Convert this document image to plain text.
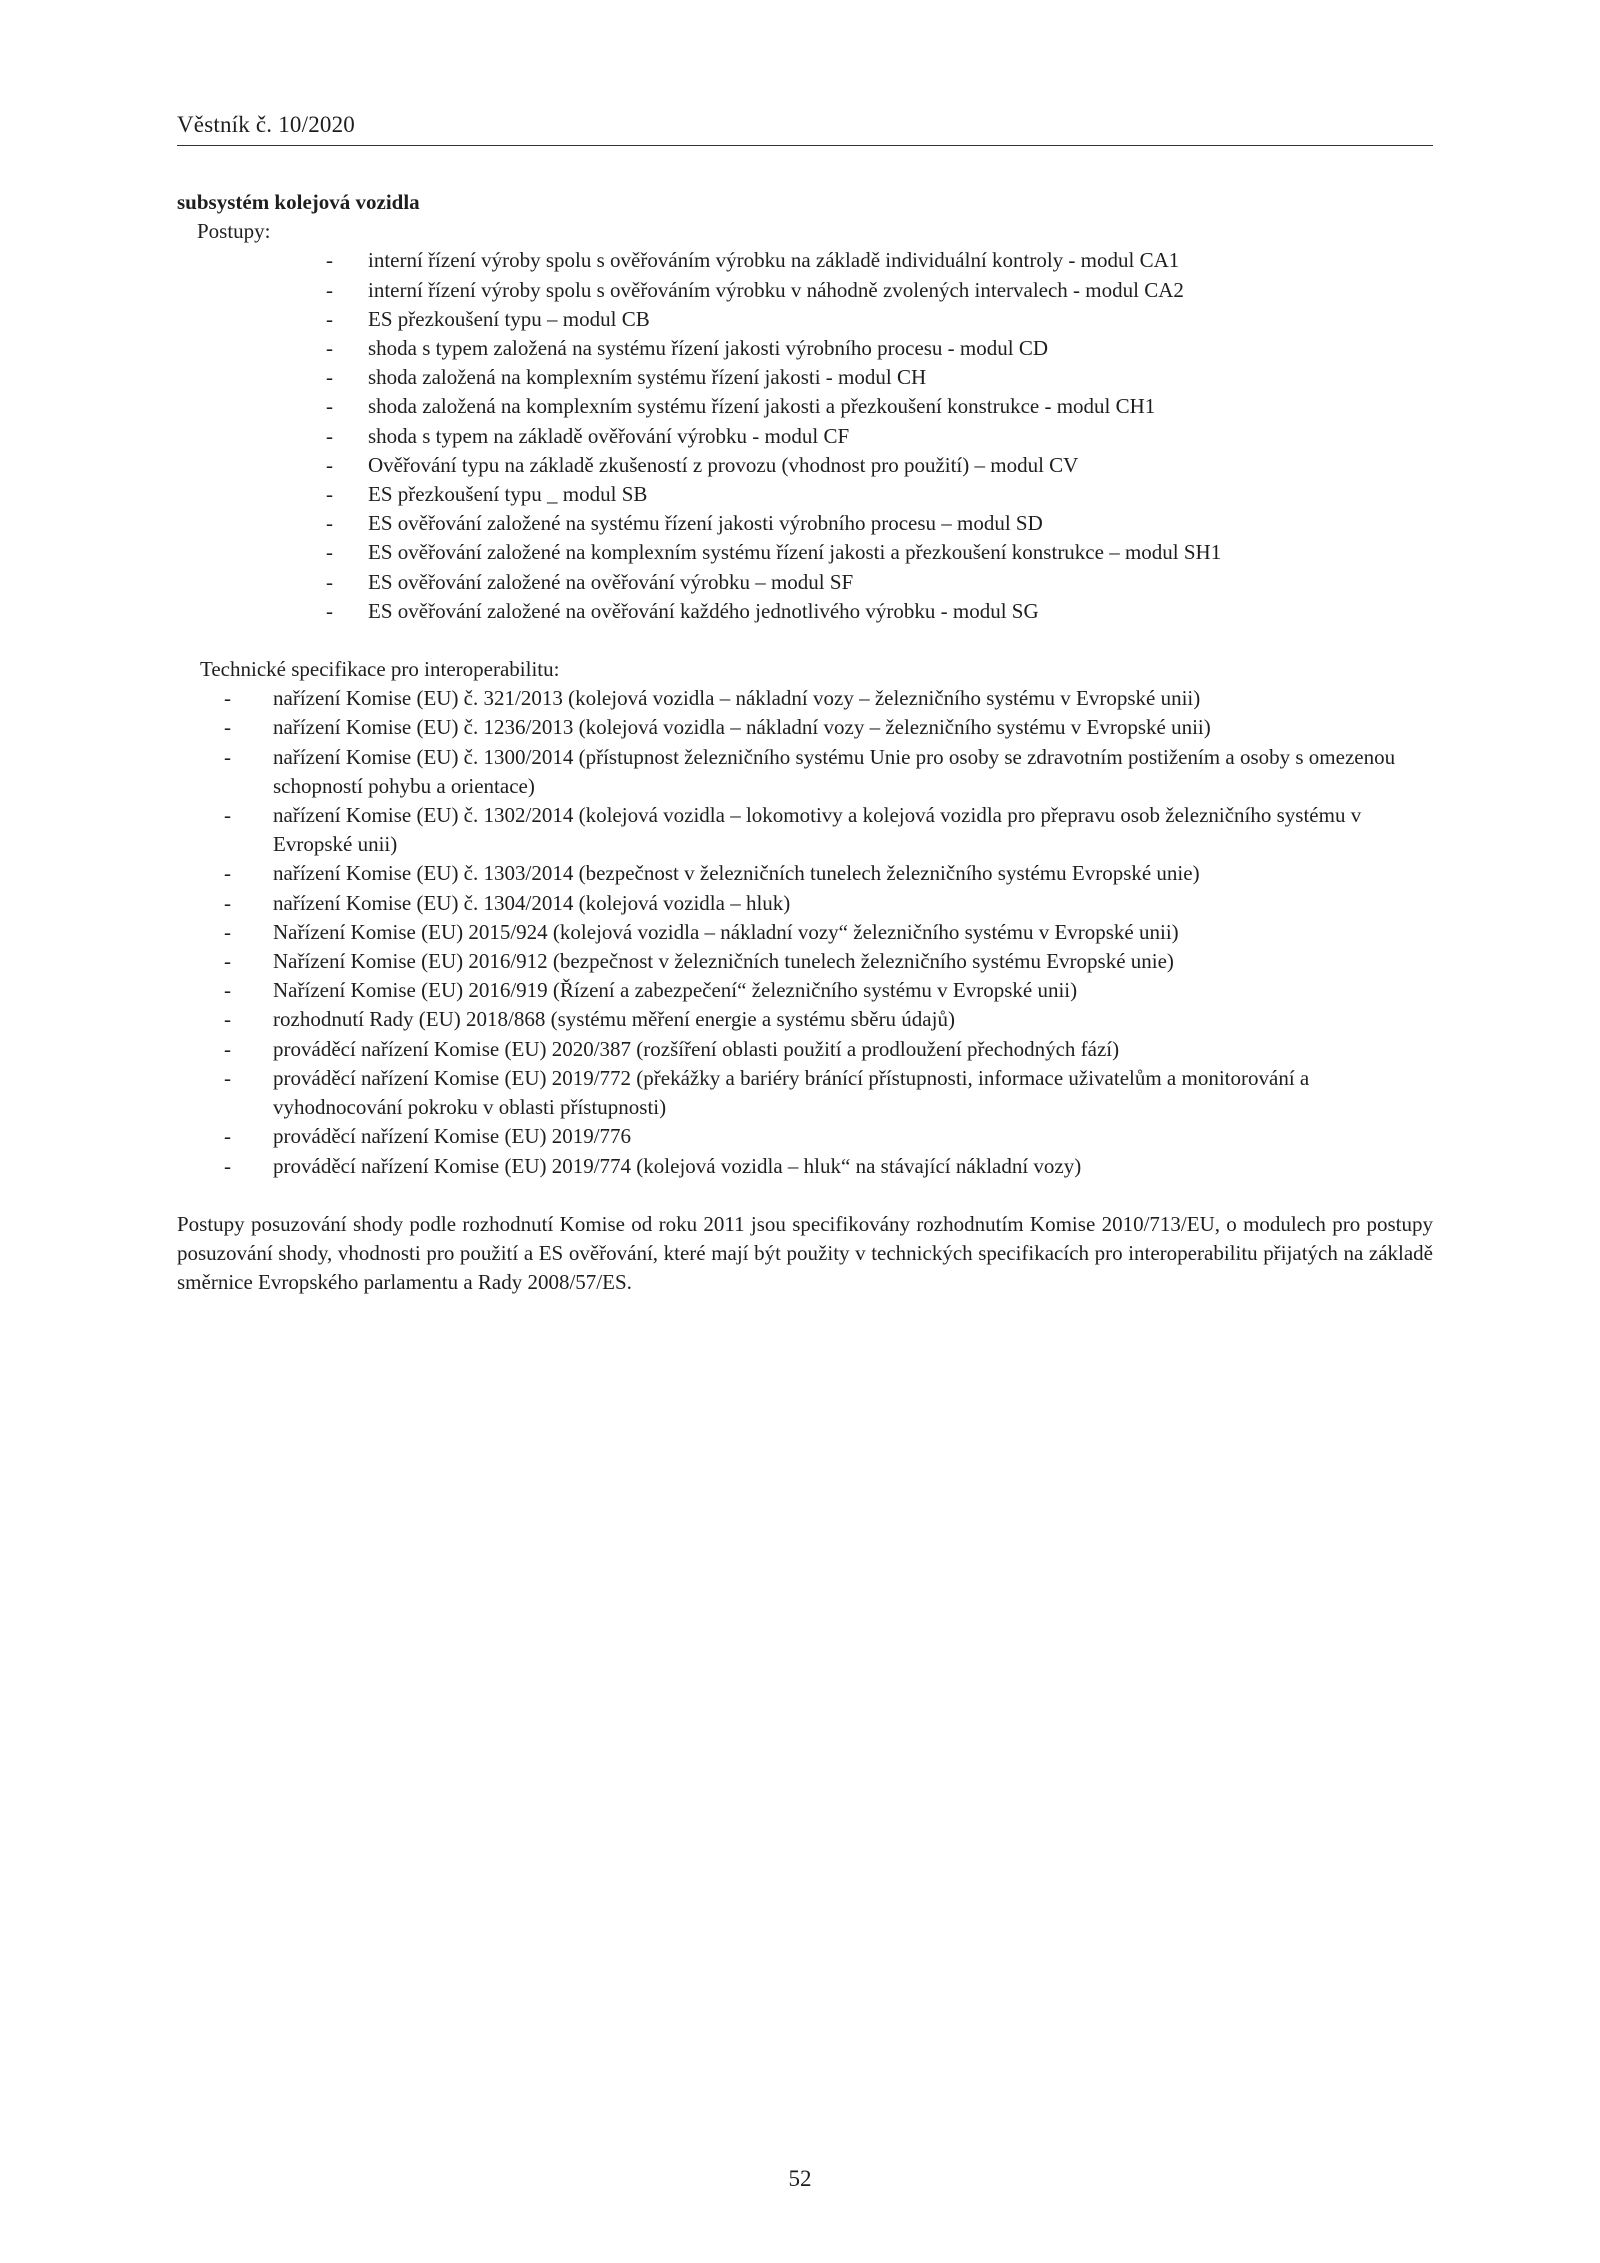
Věstník č. 10/2020

subsystém kolejová vozidla

Postupy:
- interní řízení výroby spolu s ověřováním výrobku na základě individuální kontroly - modul CA1
- interní řízení výroby spolu s ověřováním výrobku v náhodně zvolených intervalech - modul CA2
- ES přezkoušení typu – modul CB
- shoda s typem založená na systému řízení jakosti výrobního procesu - modul CD
- shoda založená na komplexním systému řízení jakosti - modul CH
- shoda založená na komplexním systému řízení jakosti a přezkoušení konstrukce - modul CH1
- shoda s typem na základě ověřování výrobku - modul CF
- Ověřování typu na základě zkušeností z provozu (vhodnost pro použití) – modul CV
- ES přezkoušení typu _ modul SB
- ES ověřování založené na systému řízení jakosti výrobního procesu – modul SD
- ES ověřování založené na komplexním systému řízení jakosti a přezkoušení konstrukce – modul SH1
- ES ověřování založené na ověřování výrobku – modul SF
- ES ověřování založené na ověřování každého jednotlivého výrobku - modul SG
Technické specifikace pro interoperabilitu:
- nařízení Komise (EU) č. 321/2013 (kolejová vozidla – nákladní vozy – železničního systému v Evropské unii)
- nařízení Komise (EU) č. 1236/2013 (kolejová vozidla – nákladní vozy – železničního systému v Evropské unii)
- nařízení Komise (EU) č. 1300/2014 (přístupnost železničního systému Unie pro osoby se zdravotním postižením a osoby s omezenou schopností pohybu a orientace)
- nařízení Komise (EU) č. 1302/2014 (kolejová vozidla – lokomotivy a kolejová vozidla pro přepravu osob železničního systému v Evropské unii)
- nařízení Komise (EU) č. 1303/2014 (bezpečnost v železničních tunelech železničního systému Evropské unie)
- nařízení Komise (EU) č. 1304/2014 (kolejová vozidla – hluk)
- Nařízení Komise (EU) 2015/924 (kolejová vozidla – nákladní vozy“ železničního systému v Evropské unii)
- Nařízení Komise (EU) 2016/912 (bezpečnost v železničních tunelech železničního systému Evropské unie)
- Nařízení Komise (EU) 2016/919 (Řízení a zabezpečení“ železničního systému v Evropské unii)
- rozhodnutí Rady (EU) 2018/868 (systému měření energie a systému sběru údajů)
- prováděcí nařízení Komise (EU) 2020/387 (rozšíření oblasti použití a prodloužení přechodných fází)
- prováděcí nařízení Komise (EU) 2019/772 (překážky a bariéry bránící přístupnosti, informace uživatelům a monitorování a vyhodnocování pokroku v oblasti přístupnosti)
- prováděcí nařízení Komise (EU) 2019/776
- prováděcí nařízení Komise (EU) 2019/774 (kolejová vozidla – hluk“ na stávající nákladní vozy)

Postupy posuzování shody podle rozhodnutí Komise od roku 2011 jsou specifikovány rozhodnutím Komise 2010/713/EU, o modulech pro postupy posuzování shody, vhodnosti pro použití a ES ověřování, které mají být použity v technických specifikacích pro interoperabilitu přijatých na základě směrnice Evropského parlamentu a Rady 2008/57/ES.

52
